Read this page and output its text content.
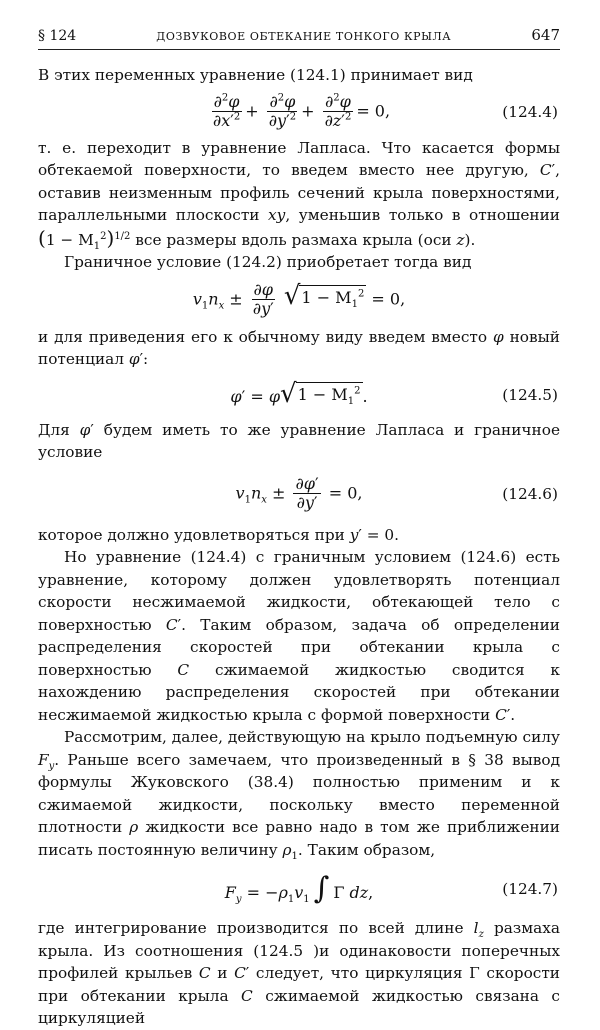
§ 124	ДОЗВУКОВОЕ ОБТЕКАНИЕ ТОНКОГО КРЫЛА	647

В этих переменных уравнение (124.1) принимает вид

$\frac{\partial^2\varphi}{\partial x'^2} + \frac{\partial^2\varphi}{\partial y'^2} + \frac{\partial^2\varphi}{\partial z'^2} = 0$,	(124.4)

т. е. переходит в уравнение Лапласа. Что касается формы обтекаемой поверхности, то введем вместо нее другую, C′, оставив неизменным профиль сечений крыла поверхностями, параллельными плоскости xy, уменьшив только в отношении $(1 - M_1^2)^{1/2}$ все размеры вдоль размаха крыла (оси z).

Граничное условие (124.2) приобретает тогда вид

$v_1n_x \pm \frac{\partial\varphi}{\partial y'}$
√ $1 - M_1^2 = 0$,

и для приведения его к обычному виду введем вместо φ новый потенциал φ′:

φ′ = φ √ $1 - M_1^2$ .	(124.5)

Для φ′ будем иметь то же уравнение Лапласа и граничное условие

$v_1n_x \pm \frac{\partial\varphi'}{\partial y'} = 0$,	(124.6)

которое должно удовлетворяться при y′ = 0.

Но уравнение (124.4) с граничным условием (124.6) есть уравнение, которому должен удовлетворять потенциал скорости несжимаемой жидкости, обтекающей тело с поверхностью C′. Таким образом, задача об определении распределения скоростей при обтекании крыла с поверхностью C сжимаемой жидкостью сводится к нахождению распределения скоростей при обтекании несжимаемой жидкостью крыла с формой поверхности C′.

Рассмотрим, далее, действующую на крыло подъемную силу $F_y$. Раньше всего замечаем, что произведенный в § 38 вывод формулы Жуковского (38.4) полностью применим и к сжимаемой жидкости, поскольку вместо переменной плотности ρ жидкости все равно надо в том же приближении писать постоянную величину $\rho_1$. Таким образом,

$F_y = -\rho_1v_1$ ∫ Γ dz,	(124.7)

где интегрирование производится по всей длине $l_z$ размаха крыла. Из соотношения (124.5 )и одинаковости поперечных профилей крыльев C и C′ следует, что циркуляция Γ скорости при обтекании крыла C сжимаемой жидкостью связана с циркуляцией
